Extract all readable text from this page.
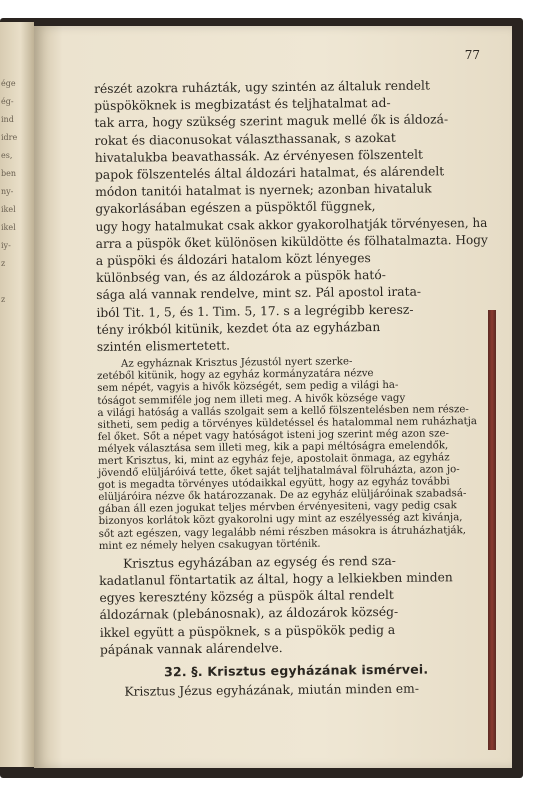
ége
ég-
ind
idre
es,
ben
ny-
ikel
ikel
iy-
z
z
77
részét azokra ruházták, ugy szintén az általuk rendelt
püspököknek is megbizatást és teljhatalmat ad-
tak arra, hogy szükség szerint maguk mellé ők is áldozá-
rokat és diaconusokat választhassanak, s azokat
hivatalukba beavathassák. Az érvényesen fölszentelt
papok fölszentelés által áldozári hatalmat, és alárendelt
módon tanitói hatalmat is nyernek; azonban hivataluk
gyakorlásában egészen a püspöktől függnek,
ugy hogy hatalmukat csak akkor gyakorolhatják törvényesen, ha
arra a püspök őket különösen kiküldötte és fölhatalmazta. Hogy
a püspöki és áldozári hatalom közt lényeges
különbség van, és az áldozárok a püspök ható-
sága alá vannak rendelve, mint sz. Pál apostol irata-
iból Tit. 1, 5, és 1. Tim. 5, 17. s a legrégibb keresz-
tény irókból kitünik, kezdet óta az egyházban
szintén elismertetett.
Az egyháznak Krisztus Jézustól nyert szerke-
zetéből kitünik, hogy az egyház kormányzatára nézve
sem népét, vagyis a hivők községét, sem pedig a világi ha-
tóságot semmiféle jog nem illeti meg. A hivők községe vagy
a világi hatóság a vallás szolgait sem a kellő fölszentelésben nem része-
sitheti, sem pedig a törvényes küldetéssel és hatalommal nem ruházhatja
fel őket. Sőt a népet vagy hatóságot isteni jog szerint még azon sze-
mélyek választása sem illeti meg, kik a papi méltóságra emelendők,
mert Krisztus, ki, mint az egyház feje, apostolait önmaga, az egyház
jövendő elüljáróivá tette, őket saját teljhatalmával fölruházta, azon jo-
got is megadta törvényes utódaikkal együtt, hogy az egyház további
elüljáróira nézve ők határozzanak. De az egyház elüljáróinak szabadsá-
gában áll ezen jogukat teljes mérvben érvényesiteni, vagy pedig csak
bizonyos korlátok közt gyakorolni ugy mint az eszélyesség azt kivánja,
sőt azt egészen, vagy legalább némi részben másokra is átruházhatják,
mint ez némely helyen csakugyan történik.
Krisztus egyházában az egység és rend sza-
kadatlanul föntartatik az által, hogy a lelkiekben minden
egyes keresztény község a püspök által rendelt
áldozárnak (plebánosnak), az áldozárok község-
ikkel együtt a püspöknek, s a püspökök pedig a
pápának vannak alárendelve.
32. §. Krisztus egyházának ismérvei.
Krisztus Jézus egyházának, miután minden em-
